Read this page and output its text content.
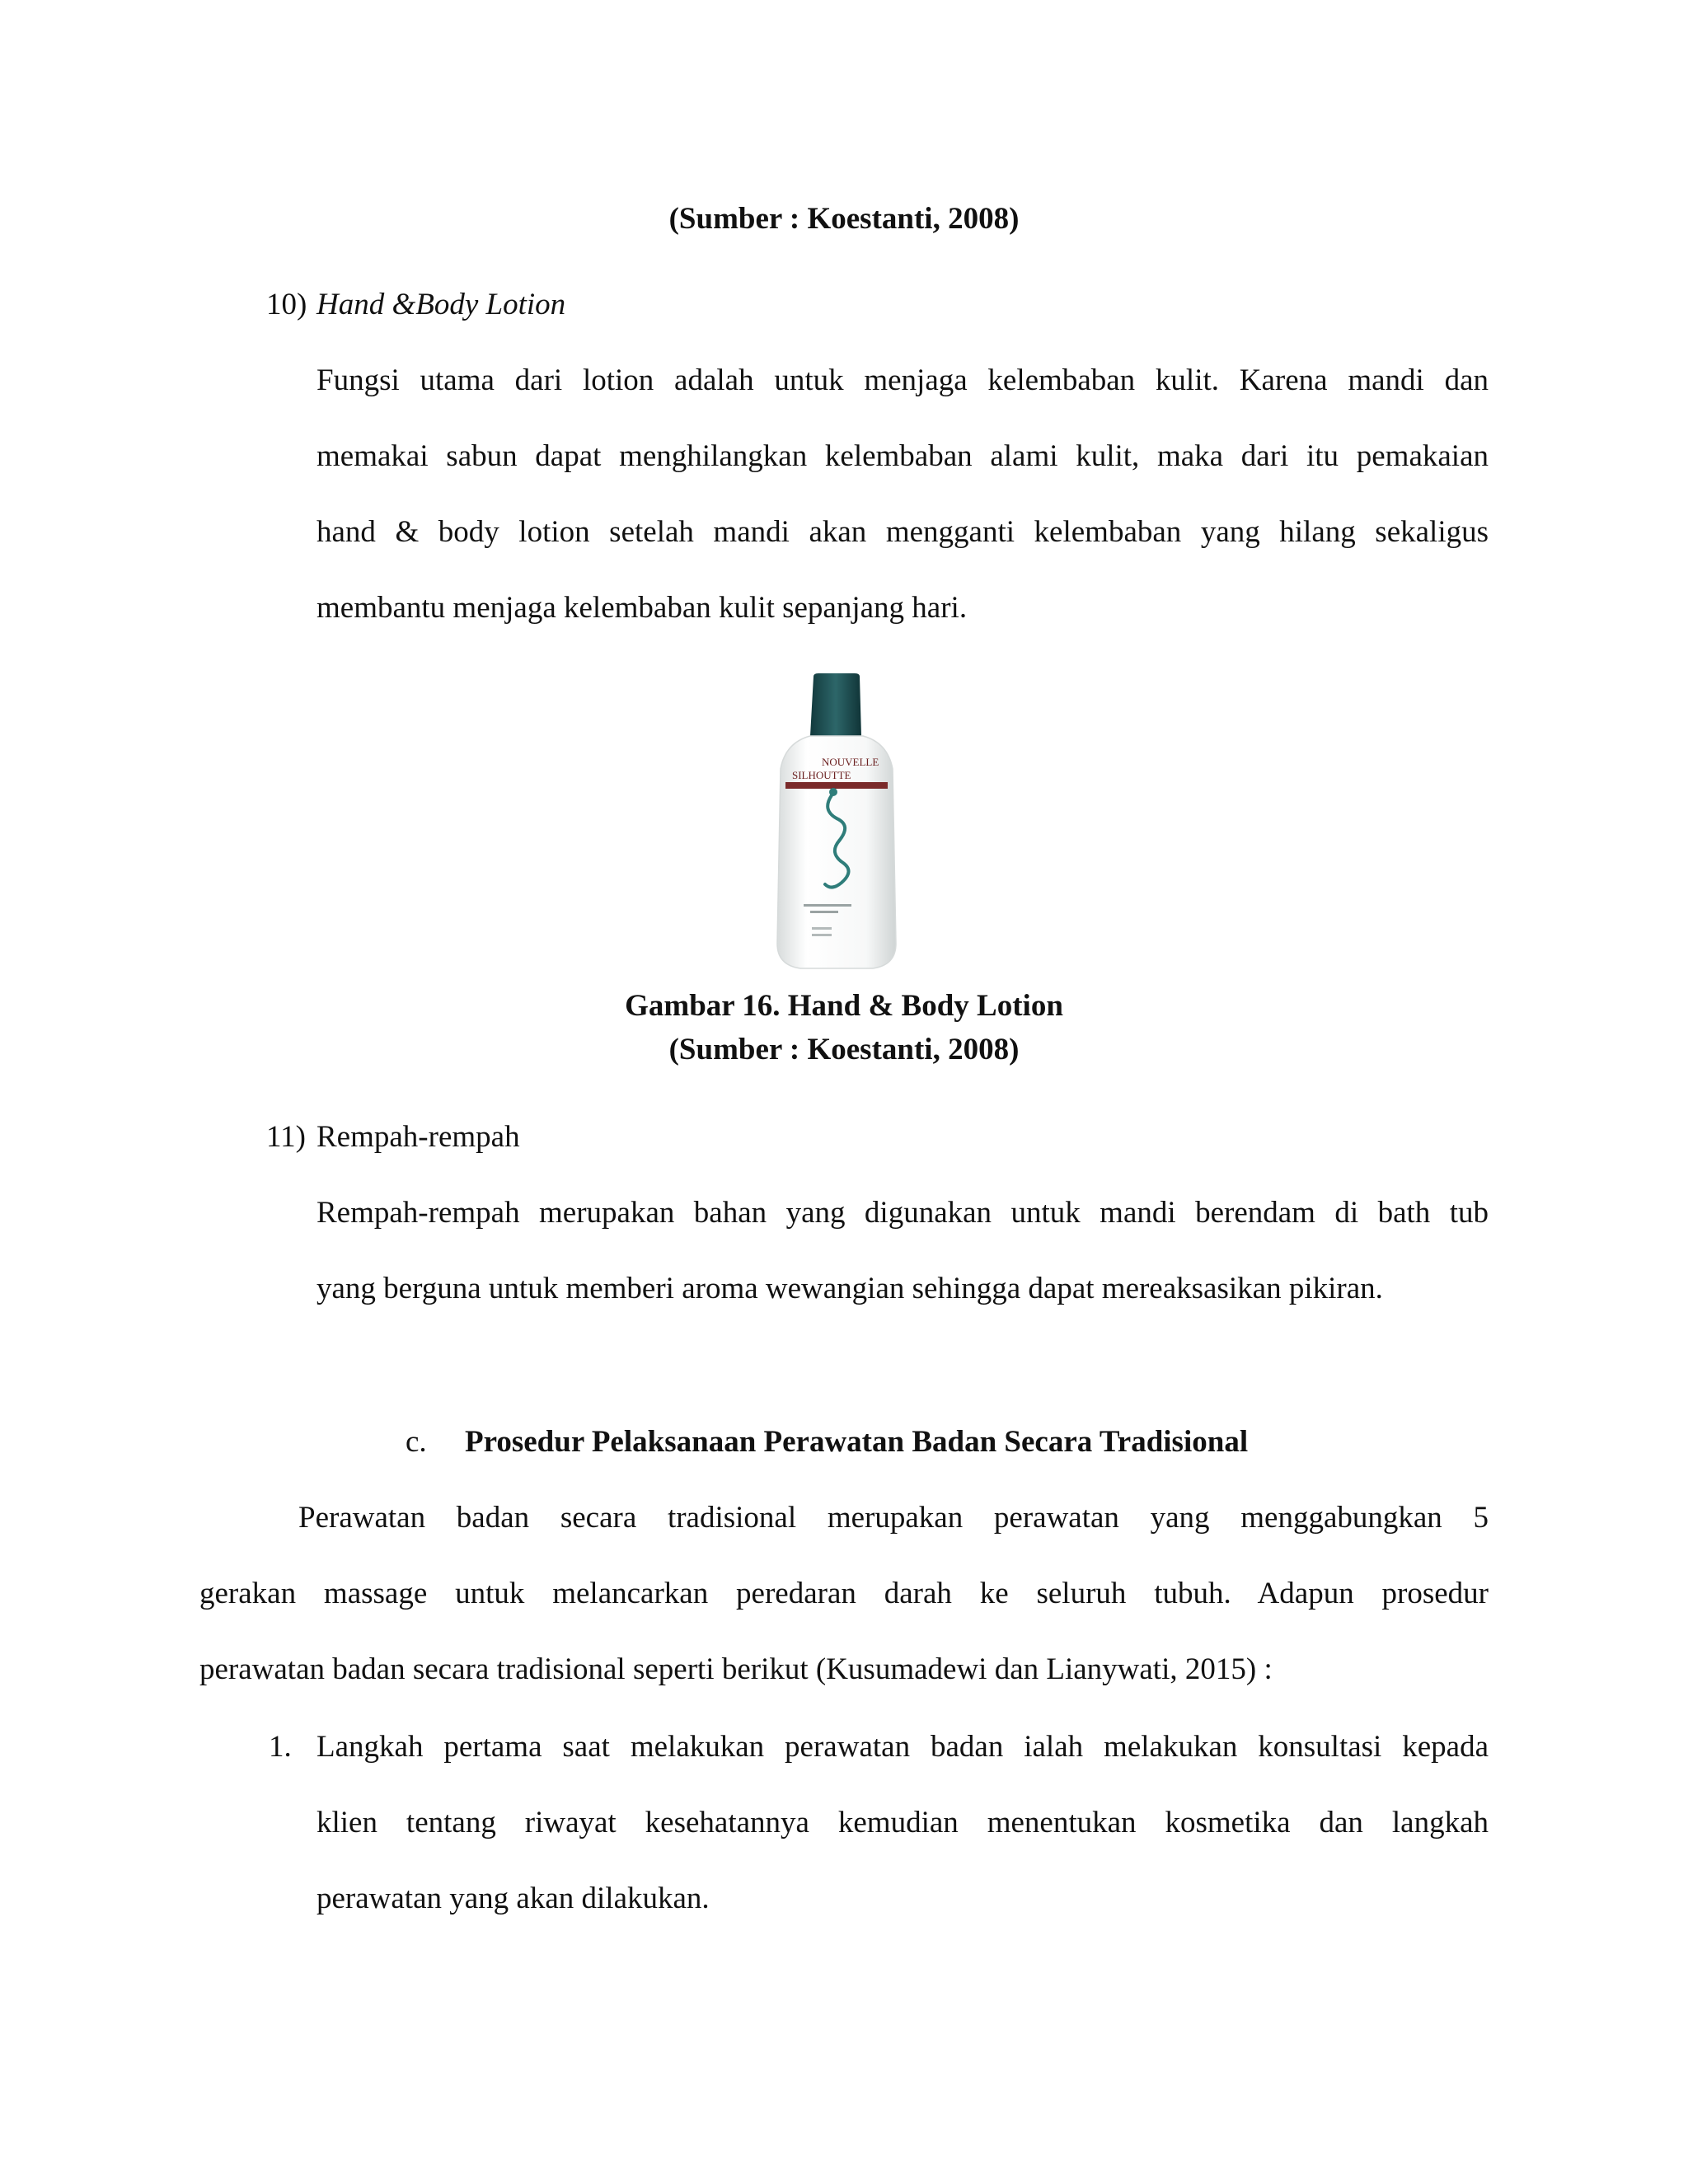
(Sumber : Koestanti, 2008)
10) Hand &Body Lotion
Fungsi utama dari lotion adalah untuk menjaga kelembaban kulit. Karena mandi dan
memakai sabun dapat menghilangkan kelembaban alami kulit, maka dari itu pemakaian
hand & body lotion setelah mandi akan mengganti kelembaban yang hilang sekaligus
membantu menjaga kelembaban kulit sepanjang hari.
NOUVELLE
SILHOUTTE
Gambar 16. Hand & Body Lotion
(Sumber : Koestanti, 2008)
11) Rempah-rempah
Rempah-rempah merupakan bahan yang digunakan untuk mandi berendam di bath tub
yang berguna untuk memberi aroma wewangian sehingga dapat mereaksasikan pikiran.
c. Prosedur Pelaksanaan Perawatan Badan Secara Tradisional
Perawatan badan secara tradisional merupakan perawatan yang menggabungkan 5
gerakan massage untuk melancarkan peredaran darah ke seluruh tubuh. Adapun prosedur
perawatan badan secara tradisional seperti berikut (Kusumadewi dan Lianywati, 2015) :
1. Langkah pertama saat melakukan perawatan badan ialah melakukan konsultasi kepada
klien tentang riwayat kesehatannya kemudian menentukan kosmetika dan langkah
perawatan yang akan dilakukan.
